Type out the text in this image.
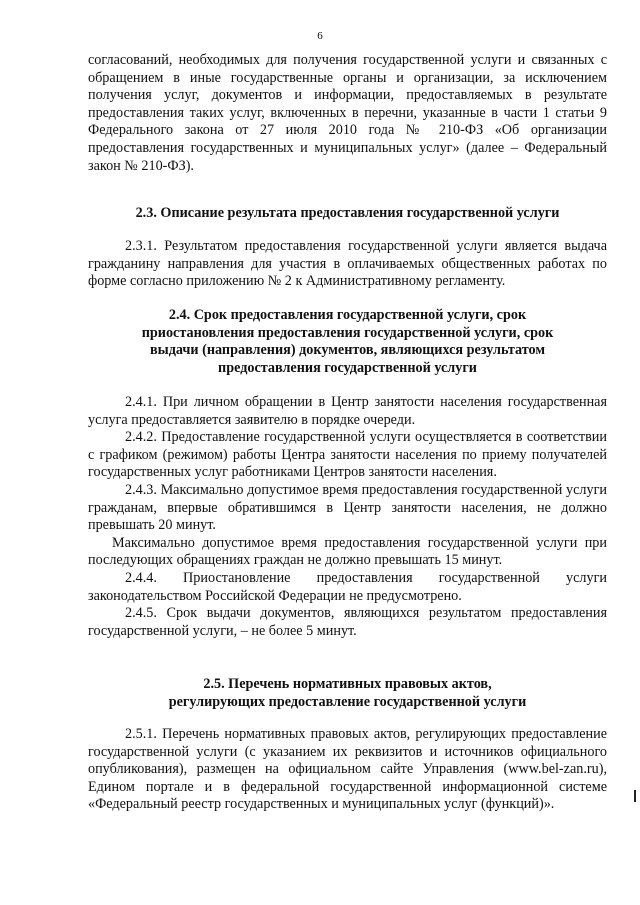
6

согласований, необходимых для получения государственной услуги и связанных с обращением в иные государственные органы и организации, за исключением получения услуг, документов и информации, предоставляемых в результате предоставления таких услуг, включенных в перечни, указанные в части 1 статьи 9 Федерального закона от 27 июля 2010 года № 210-ФЗ «Об организации предоставления государственных и муниципальных услуг» (далее – Федеральный закон № 210-ФЗ).

2.3. Описание результата предоставления государственной услуги

2.3.1. Результатом предоставления государственной услуги является выдача гражданину направления для участия в оплачиваемых общественных работах по форме согласно приложению № 2 к Административному регламенту.

2.4. Срок предоставления государственной услуги, срок

приостановления предоставления государственной услуги, срок

выдачи (направления) документов, являющихся результатом

предоставления государственной услуги

2.4.1. При личном обращении в Центр занятости населения государственная услуга предоставляется заявителю в порядке очереди.

2.4.2. Предоставление государственной услуги осуществляется в соответствии с графиком (режимом) работы Центра занятости населения по приему получателей государственных услуг работниками Центров занятости населения.

2.4.3. Максимально допустимое время предоставления государственной услуги гражданам, впервые обратившимся в Центр занятости населения, не должно превышать 20 минут.

Максимально допустимое время предоставления государственной услуги при последующих обращениях граждан не должно превышать 15 минут.

2.4.4. Приостановление предоставления государственной услуги законодательством Российской Федерации не предусмотрено.

2.4.5. Срок выдачи документов, являющихся результатом предоставления государственной услуги, – не более 5 минут.

2.5. Перечень нормативных правовых актов,

регулирующих предоставление государственной услуги

2.5.1. Перечень нормативных правовых актов, регулирующих предоставление государственной услуги (с указанием их реквизитов и источников официального опубликования), размещен на официальном сайте Управления (www.bel-zan.ru), Едином портале и в федеральной государственной информационной системе «Федеральный реестр государственных и муниципальных услуг (функций)».
